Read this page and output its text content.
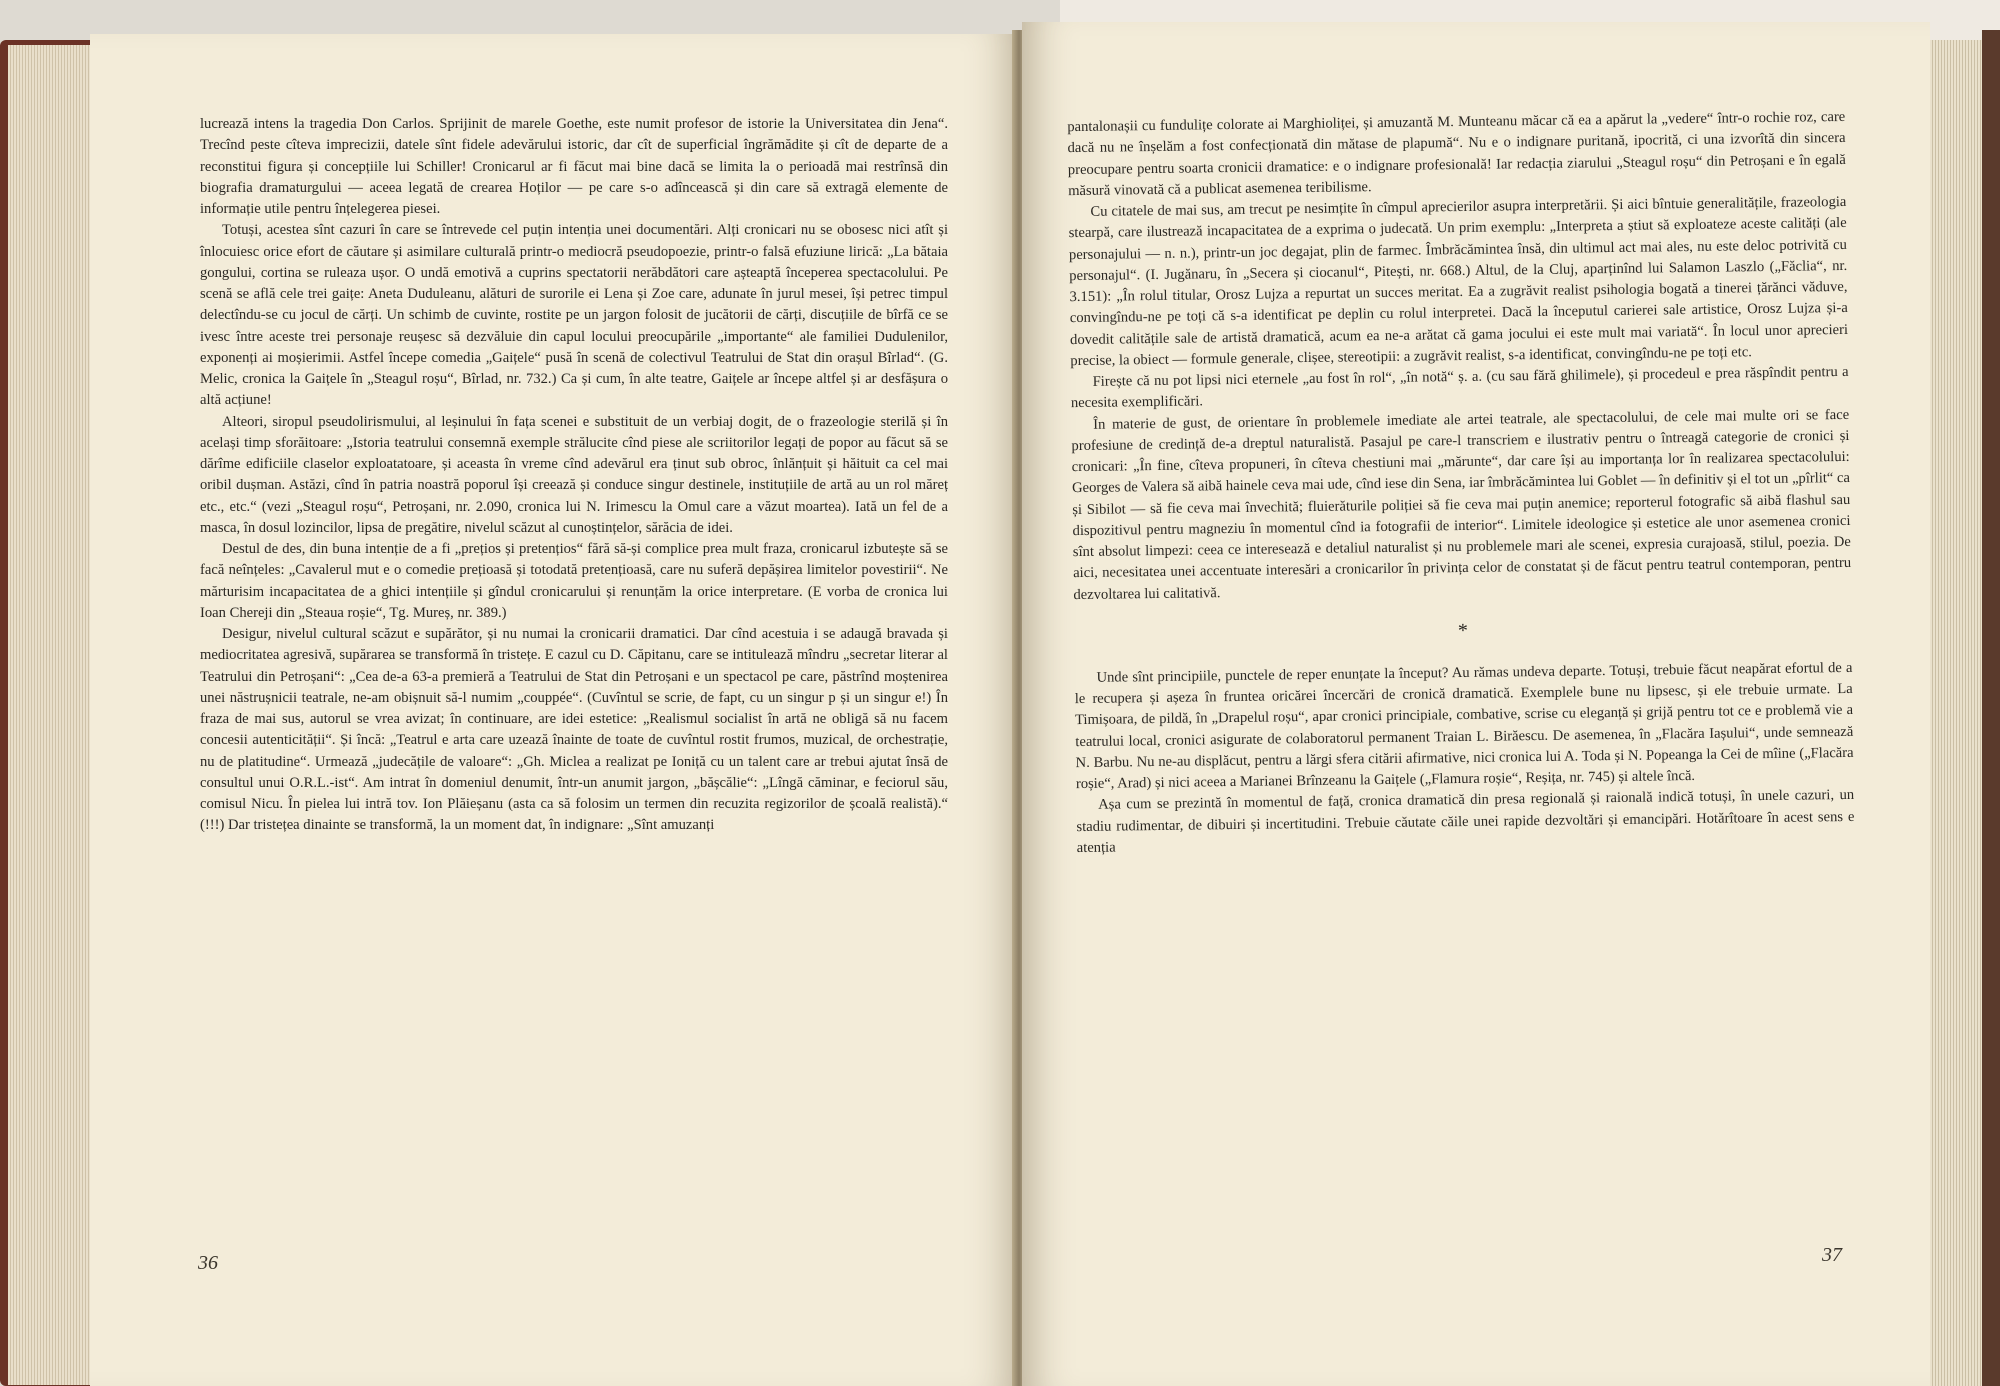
lucrează intens la tragedia Don Carlos. Sprijinit de marele Goethe, este numit profesor de istorie la Universitatea din Jena“. Trecînd peste cîteva imprecizii, datele sînt fidele adevărului istoric, dar cît de superficial îngrămădite și cît de departe de a reconstitui figura și concepțiile lui Schiller! Cronicarul ar fi făcut mai bine dacă se limita la o perioadă mai restrînsă din biografia dramaturgului — aceea legată de crearea Hoților — pe care s-o adîncească și din care să extragă elemente de informație utile pentru înțelegerea piesei.

Totuși, acestea sînt cazuri în care se întrevede cel puțin intenția unei documentări. Alți cronicari nu se obosesc nici atît și înlocuiesc orice efort de căutare și asimilare culturală printr-o mediocră pseudopoezie, printr-o falsă efuziune lirică: „La bătaia gongului, cortina se ruleaza ușor. O undă emotivă a cuprins spectatorii nerăbdători care așteaptă începerea spectacolului. Pe scenă se află cele trei gaițe: Aneta Duduleanu, alături de surorile ei Lena și Zoe care, adunate în jurul mesei, își petrec timpul delectîndu-se cu jocul de cărți. Un schimb de cuvinte, rostite pe un jargon folosit de jucătorii de cărți, discuțiile de bîrfă ce se ivesc între aceste trei personaje reușesc să dezvăluie din capul locului preocupările „importante“ ale familiei Dudulenilor, exponenți ai moșierimii. Astfel începe comedia „Gaițele“ pusă în scenă de colectivul Teatrului de Stat din orașul Bîrlad“. (G. Melic, cronica la Gaițele în „Steagul roșu“, Bîrlad, nr. 732.) Ca și cum, în alte teatre, Gaițele ar începe altfel și ar desfășura o altă acțiune!

Alteori, siropul pseudolirismului, al leșinului în fața scenei e substituit de un verbiaj dogit, de o frazeologie sterilă și în același timp sforăitoare: „Istoria teatrului consemnă exemple strălucite cînd piese ale scriitorilor legați de popor au făcut să se dărîme edificiile claselor exploatatoare, și aceasta în vreme cînd adevărul era ținut sub obroc, înlănțuit și hăituit ca cel mai oribil dușman. Astăzi, cînd în patria noastră poporul își creează și conduce singur destinele, instituțiile de artă au un rol măreț etc., etc.“ (vezi „Steagul roșu“, Petroșani, nr. 2.090, cronica lui N. Irimescu la Omul care a văzut moartea). Iată un fel de a masca, în dosul lozincilor, lipsa de pregătire, nivelul scăzut al cunoștințelor, sărăcia de idei.

Destul de des, din buna intenție de a fi „prețios și pretențios“ fără să-și complice prea mult fraza, cronicarul izbutește să se facă neînțeles: „Cavalerul mut e o comedie prețioasă și totodată pretențioasă, care nu suferă depășirea limitelor povestirii“. Ne mărturisim incapacitatea de a ghici intențiile și gîndul cronicarului și renunțăm la orice interpretare. (E vorba de cronica lui Ioan Chereji din „Steaua roșie“, Tg. Mureș, nr. 389.)

Desigur, nivelul cultural scăzut e supărător, și nu numai la cronicarii dramatici. Dar cînd acestuia i se adaugă bravada și mediocritatea agresivă, supărarea se transformă în tristețe. E cazul cu D. Căpitanu, care se intitulează mîndru „secretar literar al Teatrului din Petroșani“: „Cea de-a 63-a premieră a Teatrului de Stat din Petroșani e un spectacol pe care, păstrînd moștenirea unei năstrușnicii teatrale, ne-am obișnuit să-l numim „couppée“. (Cuvîntul se scrie, de fapt, cu un singur p și un singur e!) În fraza de mai sus, autorul se vrea avizat; în continuare, are idei estetice: „Realismul socialist în artă ne obligă să nu facem concesii autenticității“. Și încă: „Teatrul e arta care uzează înainte de toate de cuvîntul rostit frumos, muzical, de orchestrație, nu de platitudine“. Urmează „judecățile de valoare“: „Gh. Miclea a realizat pe Ioniță cu un talent care ar trebui ajutat însă de consultul unui O.R.L.-ist“. Am intrat în domeniul denumit, într-un anumit jargon, „bășcălie“: „Lîngă căminar, e feciorul său, comisul Nicu. În pielea lui intră tov. Ion Plăieșanu (asta ca să folosim un termen din recuzita regizorilor de școală realistă).“ (!!!) Dar tristețea dinainte se transformă, la un moment dat, în indignare: „Sînt amuzanți

pantalonașii cu fundulițe colorate ai Marghioliței, și amuzantă M. Munteanu măcar că ea a apărut la „vedere“ într-o rochie roz, care dacă nu ne înșelăm a fost confecționată din mătase de plapumă“. Nu e o indignare puritană, ipocrită, ci una izvorîtă din sincera preocupare pentru soarta cronicii dramatice: e o indignare profesională! Iar redacția ziarului „Steagul roșu“ din Petroșani e în egală măsură vinovată că a publicat asemenea teribilisme.

Cu citatele de mai sus, am trecut pe nesimțite în cîmpul aprecierilor asupra interpretării. Și aici bîntuie generalitățile, frazeologia stearpă, care ilustrează incapacitatea de a exprima o judecată. Un prim exemplu: „Interpreta a știut să exploateze aceste calități (ale personajului — n. n.), printr-un joc degajat, plin de farmec. Îmbrăcămintea însă, din ultimul act mai ales, nu este deloc potrivită cu personajul“. (I. Jugănaru, în „Secera și ciocanul“, Pitești, nr. 668.) Altul, de la Cluj, aparținînd lui Salamon Laszlo („Făclia“, nr. 3.151): „În rolul titular, Orosz Lujza a repurtat un succes meritat. Ea a zugrăvit realist psihologia bogată a tinerei țărănci văduve, convingîndu-ne pe toți că s-a identificat pe deplin cu rolul interpretei. Dacă la începutul carierei sale artistice, Orosz Lujza și-a dovedit calitățile sale de artistă dramatică, acum ea ne-a arătat că gama jocului ei este mult mai variată“. În locul unor aprecieri precise, la obiect — formule generale, clișee, stereotipii: a zugrăvit realist, s-a identificat, convingîndu-ne pe toți etc.

Firește că nu pot lipsi nici eternele „au fost în rol“, „în notă“ ș. a. (cu sau fără ghilimele), și procedeul e prea răspîndit pentru a necesita exemplificări.

În materie de gust, de orientare în problemele imediate ale artei teatrale, ale spectacolului, de cele mai multe ori se face profesiune de credință de-a dreptul naturalistă. Pasajul pe care-l transcriem e ilustrativ pentru o întreagă categorie de cronici și cronicari: „În fine, cîteva propuneri, în cîteva chestiuni mai „mărunte“, dar care își au importanța lor în realizarea spectacolului: Georges de Valera să aibă hainele ceva mai ude, cînd iese din Sena, iar îmbrăcămintea lui Goblet — în definitiv și el tot un „pîrlit“ ca și Sibilot — să fie ceva mai învechită; fluierăturile poliției să fie ceva mai puțin anemice; reporterul fotografic să aibă flashul sau dispozitivul pentru magneziu în momentul cînd ia fotografii de interior“. Limitele ideologice și estetice ale unor asemenea cronici sînt absolut limpezi: ceea ce interesează e detaliul naturalist și nu problemele mari ale scenei, expresia curajoasă, stilul, poezia. De aici, necesitatea unei accentuate interesări a cronicarilor în privința celor de constatat și de făcut pentru teatrul contemporan, pentru dezvoltarea lui calitativă.

*

Unde sînt principiile, punctele de reper enunțate la început? Au rămas undeva departe. Totuși, trebuie făcut neapărat efortul de a le recupera și așeza în fruntea oricărei încercări de cronică dramatică. Exemplele bune nu lipsesc, și ele trebuie urmate. La Timișoara, de pildă, în „Drapelul roșu“, apar cronici principiale, combative, scrise cu eleganță și grijă pentru tot ce e problemă vie a teatrului local, cronici asigurate de colaboratorul permanent Traian L. Birăescu. De asemenea, în „Flacăra Iașului“, unde semnează N. Barbu. Nu ne-au displăcut, pentru a lărgi sfera citării afirmative, nici cronica lui A. Toda și N. Popeanga la Cei de mîine („Flacăra roșie“, Arad) și nici aceea a Marianei Brînzeanu la Gaițele („Flamura roșie“, Reșița, nr. 745) și altele încă.

Așa cum se prezintă în momentul de față, cronica dramatică din presa regională și raională indică totuși, în unele cazuri, un stadiu rudimentar, de dibuiri și incertitudini. Trebuie căutate căile unei rapide dezvoltări și emancipări. Hotărîtoare în acest sens e atenția

36	37
